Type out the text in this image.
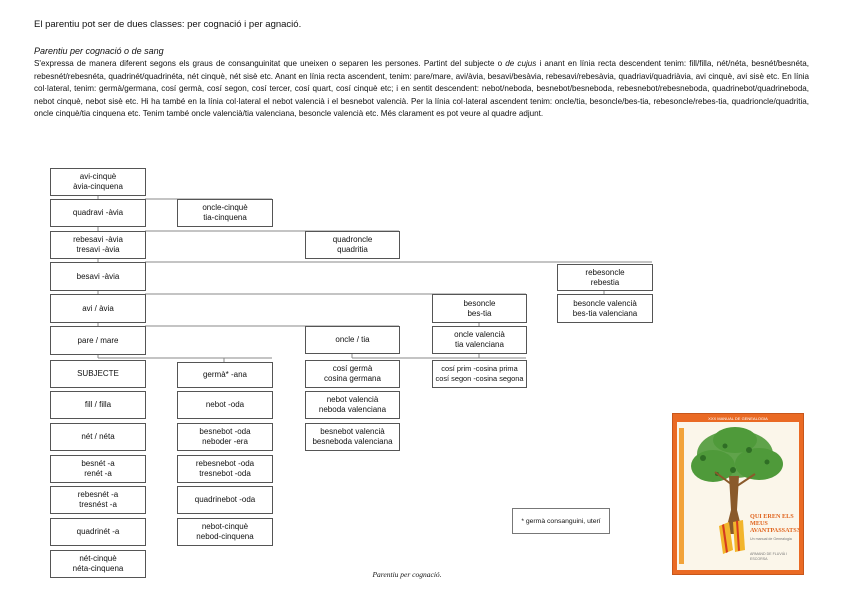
El parentiu pot ser de dues classes: per cognació i per agnació.
Parentiu per cognació o de sang
S'expressa de manera diferent segons els graus de consanguinitat que uneixen o separen les persones. Partint del subjecte o de cujus i anant en línia recta descendent tenim: fill/filla, nét/néta, besnét/besnéta, rebesnét/rebesnéta, quadrinét/quadrinéta, nét cinquè, nét sisè etc. Anant en línia recta ascendent, tenim: pare/mare, avi/àvia, besavi/besàvia, rebesavi/rebesàvia, quadriavi/quadriàvia, avi cinquè, avi sisè etc. En línia col·lateral, tenim: germà/germana, cosí germà, cosí segon, cosí tercer, cosí quart, cosí cinquè etc; i en sentit descendent: nebot/neboda, besnebot/besneboda, rebesnebot/rebesneboda, quadrinebot/quadrineboda, nebot cinquè, nebot sisè etc. Hi ha també en la línia col·lateral el nebot valencià i el besnebot valencià. Per la línia col·lateral ascendent tenim: oncle/tia, besoncle/bes-tia, rebesoncle/rebes-tia, quadrioncle/quadritia, oncle cinquè/tia cinquena etc. Tenim també oncle valencià/tia valenciana, besoncle valencià etc. Més clarament es pot veure al quadre adjunt.
avi-cinquè
àvia-cinquena
quadravi -àvia
oncle-cinquè
tia-cinquena
rebesavi -àvia
tresavi -àvia
quadroncle
quadritia
besavi -àvia	rebesoncle
rebestia
avi / àvia
besoncle
bes-tia
besoncle valencià
bes-tia valenciana
pare / mare	oncle / tia
oncle valencià
tia valenciana
SUBJECTE	germà* -ana
cosí germà
cosina germana
cosí prim -cosina prima
cosí segon -cosina segona
fill / filla	nebot -oda
nebot valencià
neboda valenciana
nét / néta
besnebot -oda
neboder -era
besnebot valencià
besneboda valenciana
besnét -a
renét -a
rebesnebot -oda
tresnebot -oda
rebesnét -a
tresnést -a
quadrinebot -oda
quadrinét -a
nebot-cinquè
nebod-cinquena
nét-cinquè
néta-cinquena
* germà consanguini, uterí
Parentiu per cognació.
XXX MANUAL DE GENEALOGIA
QUI EREN ELS MEUS AVANTPASSATS?
Un manual de Genealogia
ARMAND DE FLUVIÀ I ESCORSA
